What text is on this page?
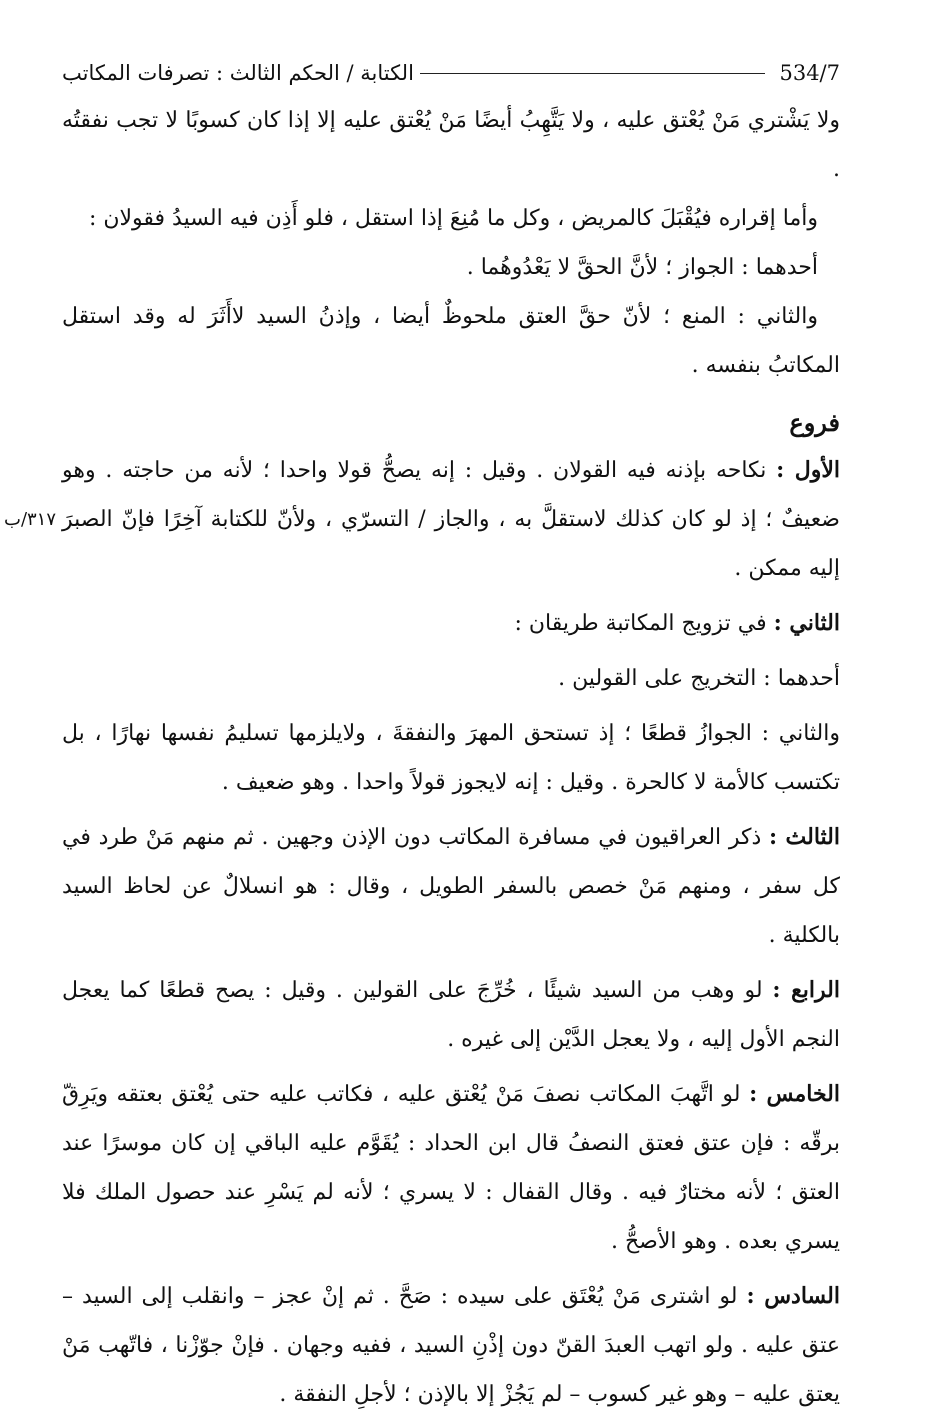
534/7
الكتابة / الحكم الثالث : تصرفات المكاتب

ولا يَشْتري مَنْ يُعْتق عليه ، ولا يَتَّهِبُ أيضًا مَنْ يُعْتق عليه إلا إذا كان كسوبًا لا تجب نفقتُه .

وأما إقراره فيُقْبَلَ كالمريض ، وكل ما مُنِعَ إذا استقل ، فلو أَذِن فيه السيدُ فقولان :

أحدهما : الجواز ؛ لأنَّ الحقَّ لا يَعْدُوهُما .

والثاني : المنع ؛ لأنّ حقَّ العتق ملحوظٌ أيضا ، وإذنُ السيد لاأَثَرَ له وقد استقل المكاتبُ بنفسه .

فروع

الأول : نكاحه بإذنه فيه القولان . وقيل : إنه يصحُّ قولا واحدا ؛ لأنه من حاجته . وهو ضعيفٌ ؛ إذ لو كان كذلك لاستقلَّ به ، والجاز / التسرّي ، ولأنّ للكتابة آخِرًا فإنّ الصبرَ إليه ممكن .
٣١٧/ب

الثاني : في تزويج المكاتبة طريقان :

أحدهما : التخريج على القولين .

والثاني : الجوازُ قطعًا ؛ إذ تستحق المهرَ والنفقةَ ، ولايلزمها تسليمُ نفسها نهارًا ، بل تكتسب كالأمة لا كالحرة . وقيل : إنه لايجوز قولاً واحدا . وهو ضعيف .

الثالث : ذكر العراقيون في مسافرة المكاتب دون الإذن وجهين . ثم منهم مَنْ طرد في كل سفر ، ومنهم مَنْ خصص بالسفر الطويل ، وقال : هو انسلالٌ عن لحاظ السيد بالكلية .

الرابع : لو وهب من السيد شيئًا ، خُرِّجَ على القولين . وقيل : يصح قطعًا كما يعجل النجم الأول إليه ، ولا يعجل الدَّيْن إلى غيره .

الخامس : لو اتَّهبَ المكاتب نصفَ مَنْ يُعْتق عليه ، فكاتب عليه حتى يُعْتق بعتقه ويَرِقّ برقّه : فإن عتق فعتق النصفُ قال ابن الحداد : يُقَوَّم عليه الباقي إن كان موسرًا عند العتق ؛ لأنه مختارٌ فيه . وقال القفال : لا يسري ؛ لأنه لم يَسْرِ عند حصول الملك فلا يسري بعده . وهو الأصحُّ .

السادس : لو اشترى مَنْ يُعْتَق على سيده : صَحَّ . ثم إنْ عجز – وانقلب إلى السيد – عتق عليه . ولو اتهب العبدَ القنّ دون إذْنِ السيد ، ففيه وجهان . فإنْ جوّزْنا ، فاتّهب مَنْ يعتق عليه – وهو غير كسوب – لم يَجُزْ إلا بالإذن ؛ لأجلِ النفقة .
